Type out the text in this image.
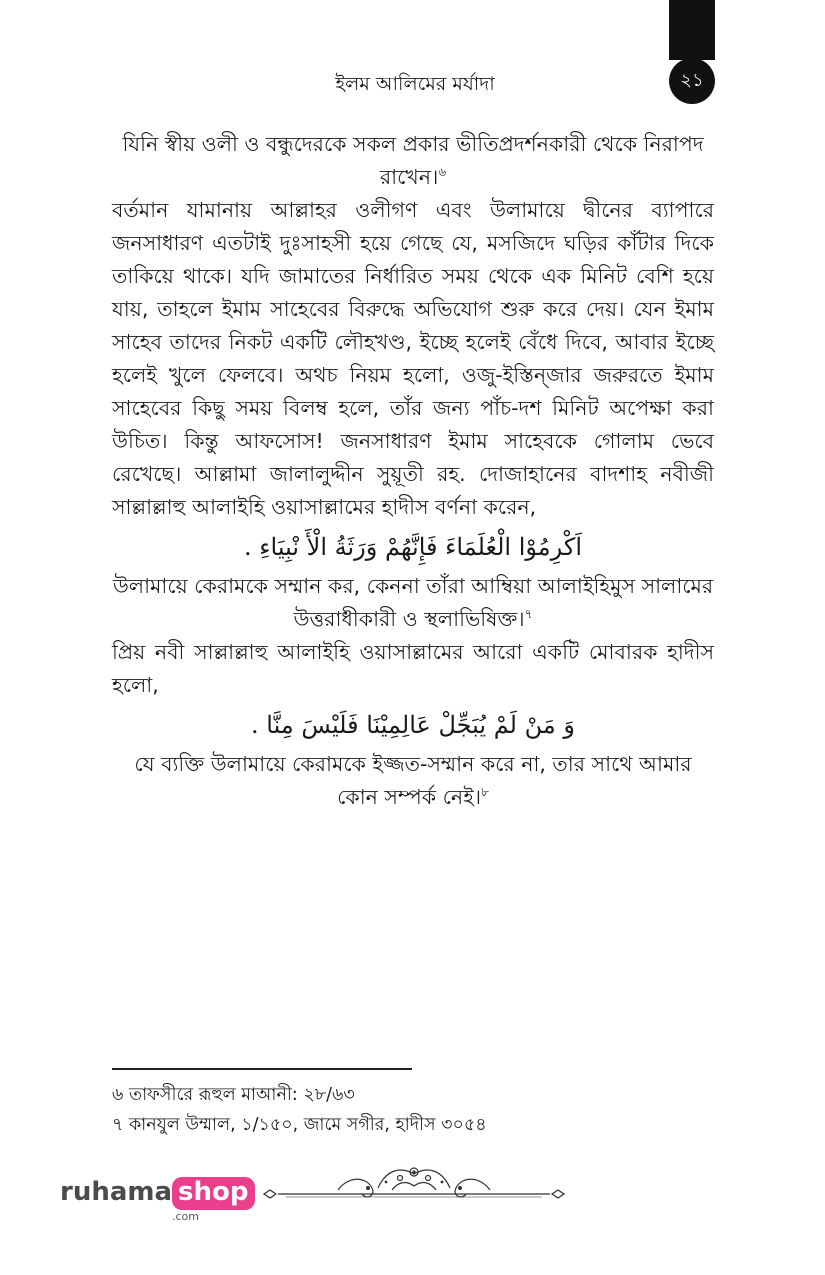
২১
ইলম আলিমের মর্যাদা

যিনি স্বীয় ওলী ও বন্ধুদেরকে সকল প্রকার ভীতিপ্রদর্শনকারী থেকে নিরাপদ রাখেন।$^৬$

বর্তমান যামানায় আল্লাহর ওলীগণ এবং উলামায়ে দ্বীনের ব্যাপারে জনসাধারণ এতটাই দুঃসাহসী হয়ে গেছে যে, মসজিদে ঘড়ির কাঁটার দিকে তাকিয়ে থাকে। যদি জামাতের নির্ধারিত সময় থেকে এক মিনিট বেশি হয়ে যায়, তাহলে ইমাম সাহেবের বিরুদ্ধে অভিযোগ শুরু করে দেয়। যেন ইমাম সাহেব তাদের নিকট একটি লৌহখণ্ড, ইচ্ছে হলেই বেঁধে দিবে, আবার ইচ্ছে হলেই খুলে ফেলবে। অথচ নিয়ম হলো, ওজু-ইস্তিন্‌জার জরুরতে ইমাম সাহেবের কিছু সময় বিলম্ব হলে, তাঁর জন্য পাঁচ-দশ মিনিট অপেক্ষা করা উচিত। কিন্তু আফসোস! জনসাধারণ ইমাম সাহেবকে গোলাম ভেবে রেখেছে। আল্লামা জালালুদ্দীন সুয়ূতী রহ. দোজাহানের বাদশাহ নবীজী সাল্লাল্লাহু আলাইহি ওয়াসাল্লামের হাদীস বর্ণনা করেন,

اَكْرِمُوْا الْعُلَمَاءَ فَإِنَّهُمْ وَرَثَةُ الْأَ نْبِيَاءِ .

উলামায়ে কেরামকে সম্মান কর, কেননা তাঁরা আম্বিয়া আলাইহিমুস সালামের উত্তরাধীকারী ও স্থলাভিষিক্ত।$^৭$

প্রিয় নবী সাল্লাল্লাহু আলাইহি ওয়াসাল্লামের আরো একটি মোবারক হাদীস হলো,

وَ مَنْ لَمْ يُبَجِّلْ عَالِمِيْنَا فَلَيْسَ مِنَّا .

যে ব্যক্তি উলামায়ে কেরামকে ইজ্জত-সম্মান করে না, তার সাথে আমার কোন সম্পর্ক নেই।$^৮$

৬ তাফসীরে রূহুল মাআনী: ২৮/৬৩
৭ কানযুল উম্মাল, ১/১৫০, জামে সগীর, হাদীস ৩০৫৪
ruhama shop
.com
